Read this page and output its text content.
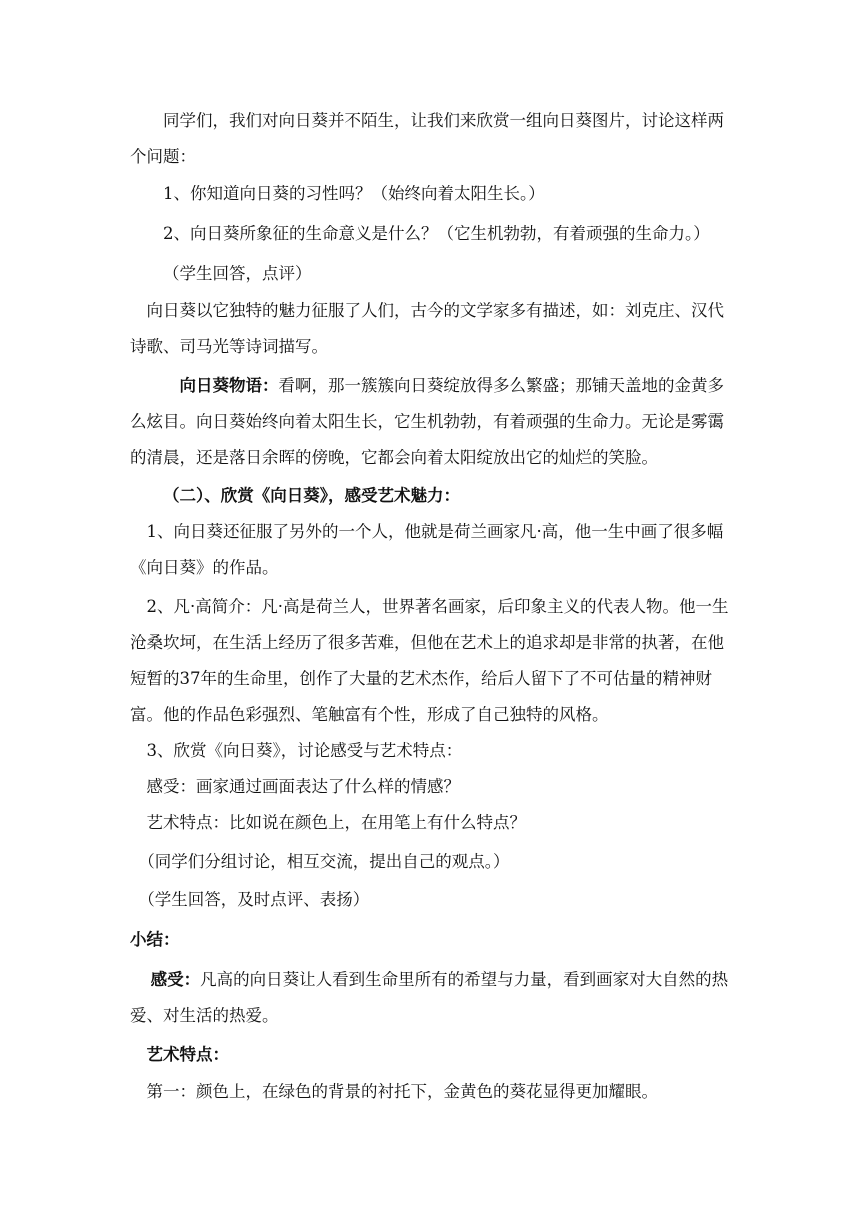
同学们，我们对向日葵并不陌生，让我们来欣赏一组向日葵图片，讨论这样两个问题：

1、你知道向日葵的习性吗？（始终向着太阳生长。）

2、向日葵所象征的生命意义是什么？（它生机勃勃，有着顽强的生命力。）

（学生回答，点评）

向日葵以它独特的魅力征服了人们，古今的文学家多有描述，如：刘克庄、汉代诗歌、司马光等诗词描写。

向日葵物语：看啊，那一簇簇向日葵绽放得多么繁盛；那铺天盖地的金黄多么炫目。向日葵始终向着太阳生长，它生机勃勃，有着顽强的生命力。无论是雾霭的清晨，还是落日余晖的傍晚，它都会向着太阳绽放出它的灿烂的笑脸。

（二）、欣赏《向日葵》，感受艺术魅力：

1、向日葵还征服了另外的一个人，他就是荷兰画家凡·高，他一生中画了很多幅《向日葵》的作品。

2、凡·高简介：凡·高是荷兰人，世界著名画家，后印象主义的代表人物。他一生沧桑坎坷，在生活上经历了很多苦难，但他在艺术上的追求却是非常的执著，在他短暂的37年的生命里，创作了大量的艺术杰作，给后人留下了不可估量的精神财富。他的作品色彩强烈、笔触富有个性，形成了自己独特的风格。

3、欣赏《向日葵》，讨论感受与艺术特点：

感受：画家通过画面表达了什么样的情感？

艺术特点：比如说在颜色上，在用笔上有什么特点？

（同学们分组讨论，相互交流，提出自己的观点。）

（学生回答，及时点评、表扬）

小结：

感受：凡高的向日葵让人看到生命里所有的希望与力量，看到画家对大自然的热爱、对生活的热爱。

艺术特点：

第一：颜色上，在绿色的背景的衬托下，金黄色的葵花显得更加耀眼。
